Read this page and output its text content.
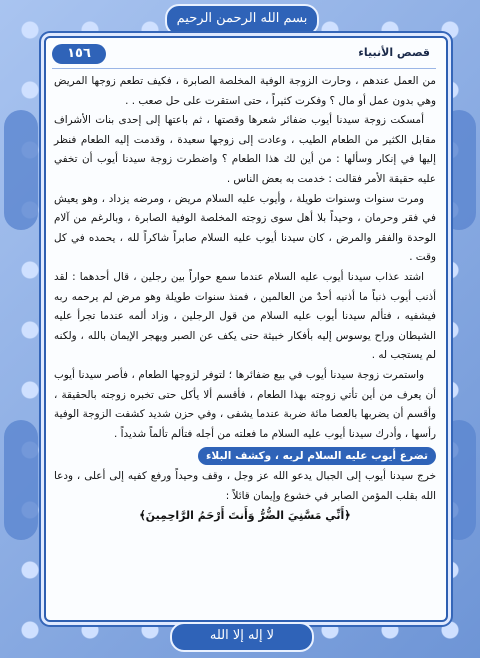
بسم الله الرحمن الرحيم
١٥٦	قصص الأنبياء

من العمل عندهم ، وحارت الزوجة الوفية المخلصة الصابرة ، فكيف تطعم زوجها المريض وهي بدون عمل أو مال ؟ وفكرت كثيراً ، حتى استقرت على حل صعب . .

أمسكت زوجة سيدنا أيوب ضفائر شعرها وقصتها ، ثم باعتها إلى إحدى بنات الأشراف مقابل الكثير من الطعام الطيب ، وعادت إلى زوجها سعيدة ، وقدمت إليه الطعام فنظر إليها في إنكار وسألها : من أين لك هذا الطعام ؟ واضطرت زوجة سيدنا أيوب أن تخفي عليه حقيقة الأمر فقالت : خدمت به بعض الناس .

ومرت سنوات وسنوات طويلة ، وأيوب عليه السلام مريض ، ومرضه يزداد ، وهو يعيش في فقر وحرمان ، وحيداً بلا أهل سوى زوجته المخلصة الوفية الصابرة ، وبالرغم من آلام الوحدة والفقر والمرض ، كان سيدنا أيوب عليه السلام صابراً شاكراً لله ، يحمده في كل وقت .

اشتد عذاب سيدنا أيوب عليه السلام عندما سمع حواراً بين رجلين ، قال أحدهما : لقد أذنب أيوب ذنباً ما أذنبه أحدٌ من العالمين ، فمنذ سنوات طويلة وهو مرض لم يرحمه ربه فيشفيه ، فتألم سيدنا أيوب عليه السلام من قول الرجلين ، وزاد ألمه عندما تجرأ عليه الشيطان وراح يوسوس إليه بأفكار خبيثة حتى يكف عن الصبر ويهجر الإيمان بالله ، ولكنه لم يستجب له .

واستمرت زوجة سيدنا أيوب في بيع ضفائرها ؛ لتوفر لزوجها الطعام ، فأصر سيدنا أيوب أن يعرف من أين تأتي زوجته بهذا الطعام ، فأقسم ألا يأكل حتى تخبره زوجته بالحقيقة ، وأقسم أن يضربها بالعصا مائة ضربة عندما يشفى ، وفي حزن شديد كشفت الزوجة الوفية رأسها ، وأدرك سيدنا أيوب عليه السلام ما فعلته من أجله فتألم تألماً شديداً .

تضرع أيوب عليه السلام لربه ، وكشف البلاء

خرج سيدنا أيوب إلى الجبال يدعو الله عز وجل ، وقف وحيداً ورفع كفيه إلى أعلى ، ودعا الله بقلب المؤمن الصابر في خشوع وإيمان قائلاً :

﴿أَنِّي مَسَّنِيَ الضُّرُّ وَأَنتَ أَرْحَمُ الرَّاحِمِينَ﴾

لا إله إلا الله
